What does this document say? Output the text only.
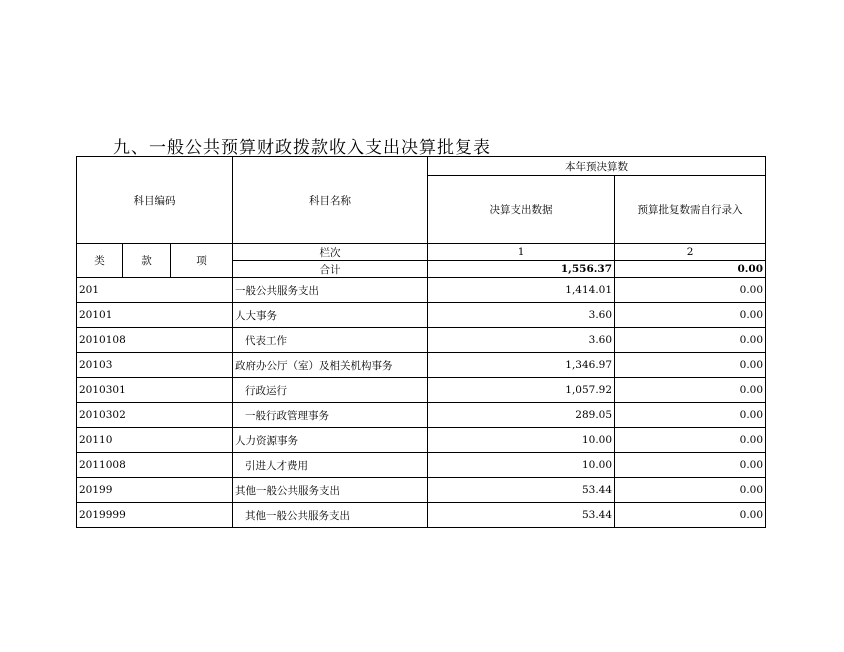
九、一般公共预算财政拨款收入支出决算批复表
科目编码			科目名称	本年预决算数	
				决算支出数据	预算批复数需自行录入
类	款	项	栏次	1	2
			合计	1,556.37	0.00
201			一般公共服务支出	1,414.01	0.00
20101			人大事务	3.60	0.00
2010108			代表工作	3.60	0.00
20103			政府办公厅（室）及相关机构事务	1,346.97	0.00
2010301			行政运行	1,057.92	0.00
2010302			一般行政管理事务	289.05	0.00
20110			人力资源事务	10.00	0.00
2011008			引进人才费用	10.00	0.00
20199			其他一般公共服务支出	53.44	0.00
2019999			其他一般公共服务支出	53.44	0.00
